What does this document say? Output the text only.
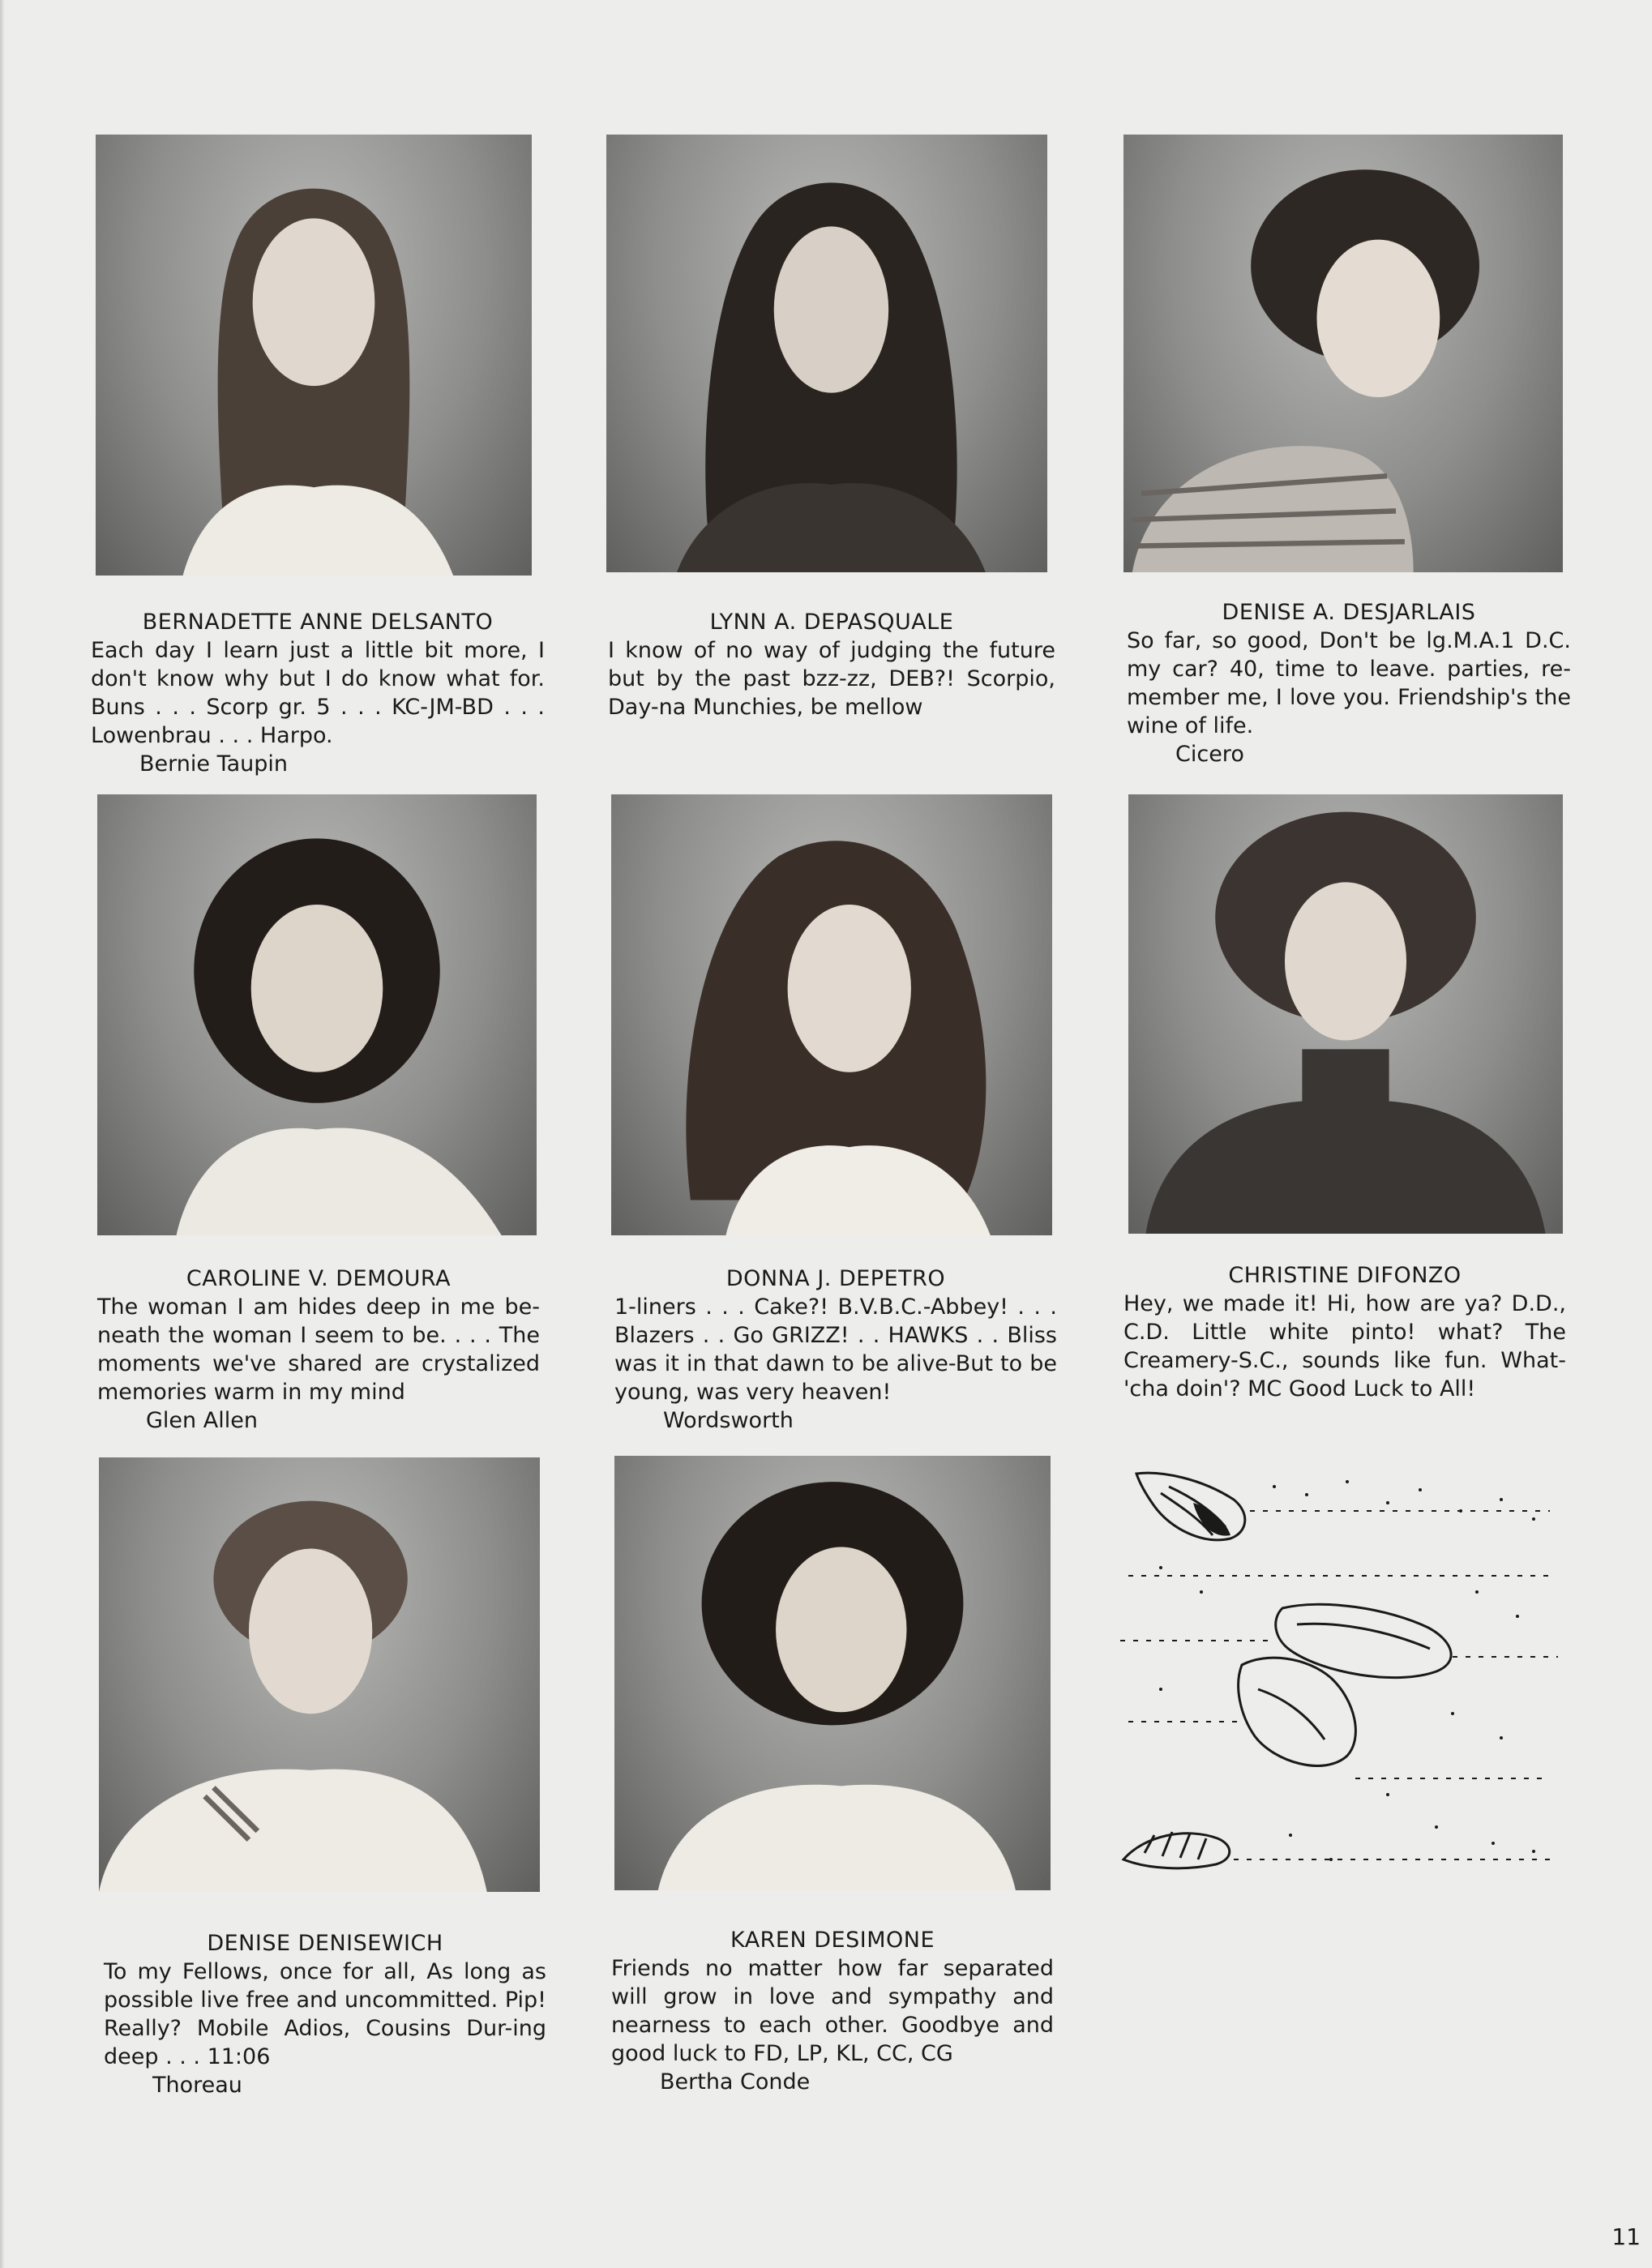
BERNADETTE ANNE DELSANTO
Each day I learn just a little bit more, I don't know why but I do know what for. Buns . . . Scorp gr. 5 . . . KC-JM-BD . . . Lowenbrau . . . Harpo.
Bernie Taupin
LYNN A. DEPASQUALE
I know of no way of judging the future but by the past bzz-zz, DEB?! Scorpio, Day-na Munchies, be mellow
DENISE A. DESJARLAIS
So far, so good, Don't be lg.M.A.1 D.C. my car? 40, time to leave. parties, re-member me, I love you. Friendship's the wine of life.
Cicero
CAROLINE V. DEMOURA
The woman I am hides deep in me be-neath the woman I seem to be. . . . The moments we've shared are crystalized memories warm in my mind
Glen Allen
DONNA J. DEPETRO
1-liners . . . Cake?! B.V.B.C.-Abbey! . . . Blazers . . Go GRIZZ! . . HAWKS . . Bliss was it in that dawn to be alive-But to be young, was very heaven!
Wordsworth
CHRISTINE DIFONZO
Hey, we made it! Hi, how are ya? D.D., C.D. Little white pinto! what? The Creamery-S.C., sounds like fun. What-'cha doin'? MC Good Luck to All!
DENISE DENISEWICH
To my Fellows, once for all, As long as possible live free and uncommitted. Pip! Really? Mobile Adios, Cousins Dur-ing deep . . . 11:06
Thoreau
KAREN DESIMONE
Friends no matter how far separated will grow in love and sympathy and nearness to each other. Goodbye and good luck to FD, LP, KL, CC, CG
Bertha Conde
11
